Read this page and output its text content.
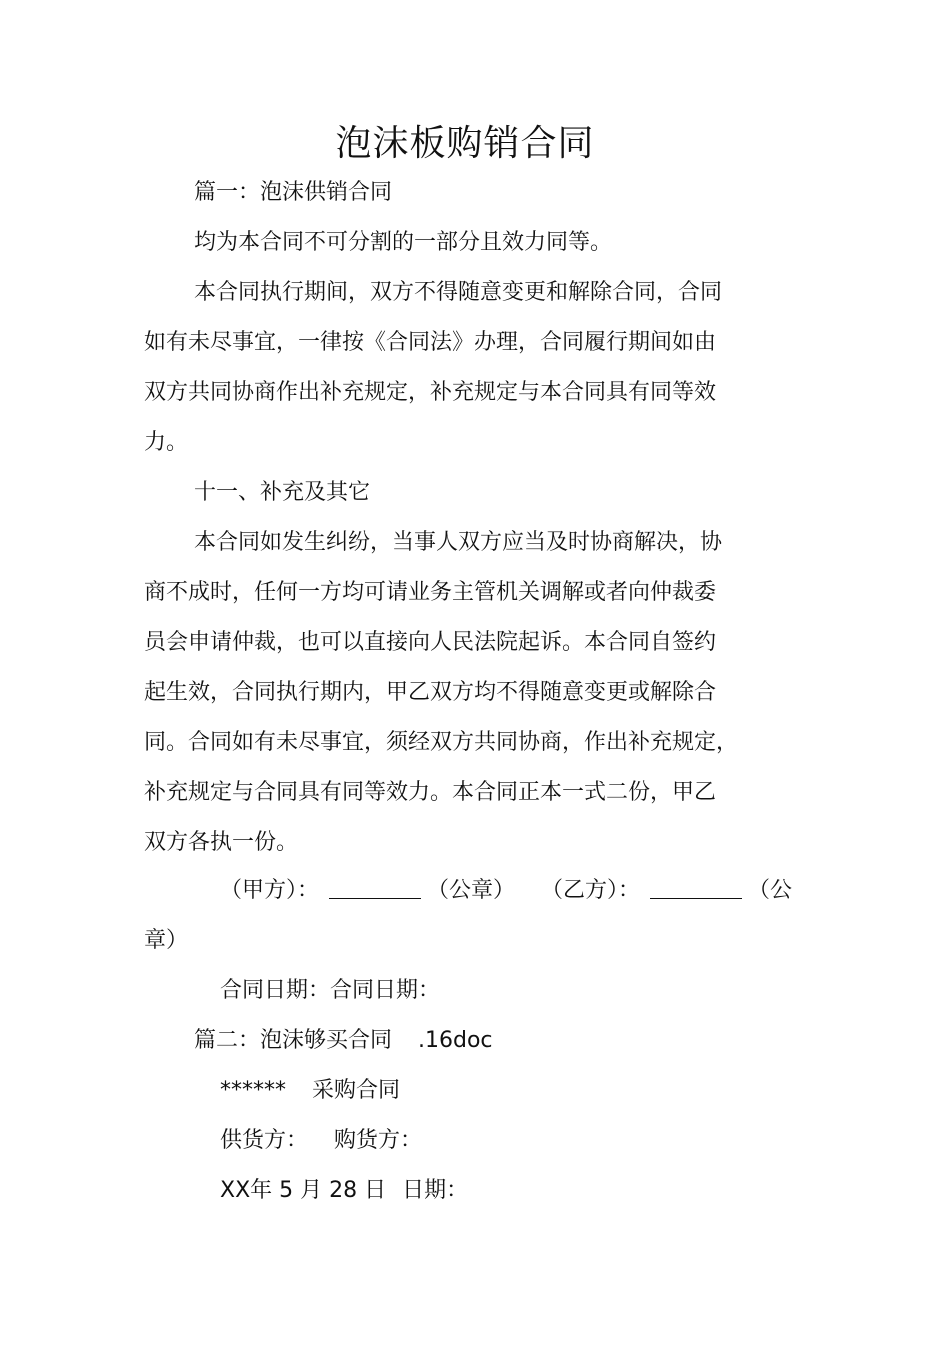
泡沫板购销合同
篇一：泡沫供销合同
均为本合同不可分割的一部分且效力同等。
本合同执行期间，双方不得随意变更和解除合同，合同
如有未尽事宜，一律按《合同法》办理，合同履行期间如由
双方共同协商作出补充规定，补充规定与本合同具有同等效
力。
十一、补充及其它
本合同如发生纠纷，当事人双方应当及时协商解决，协
商不成时，任何一方均可请业务主管机关调解或者向仲裁委
员会申请仲裁，也可以直接向人民法院起诉。本合同自签约
起生效，合同执行期内，甲乙双方均不得随意变更或解除合
同。合同如有未尽事宜，须经双方共同协商，作出补充规定，
补充规定与合同具有同等效力。本合同正本一式二份，甲乙
双方各执一份。
（甲方）：	（公章） （乙方）：	（公
章）
合同日期：合同日期：
篇二：泡沫够买合同 .16doc
****** 采购合同
供货方： 购货方：
XX年 5 月 28 日 日期：
